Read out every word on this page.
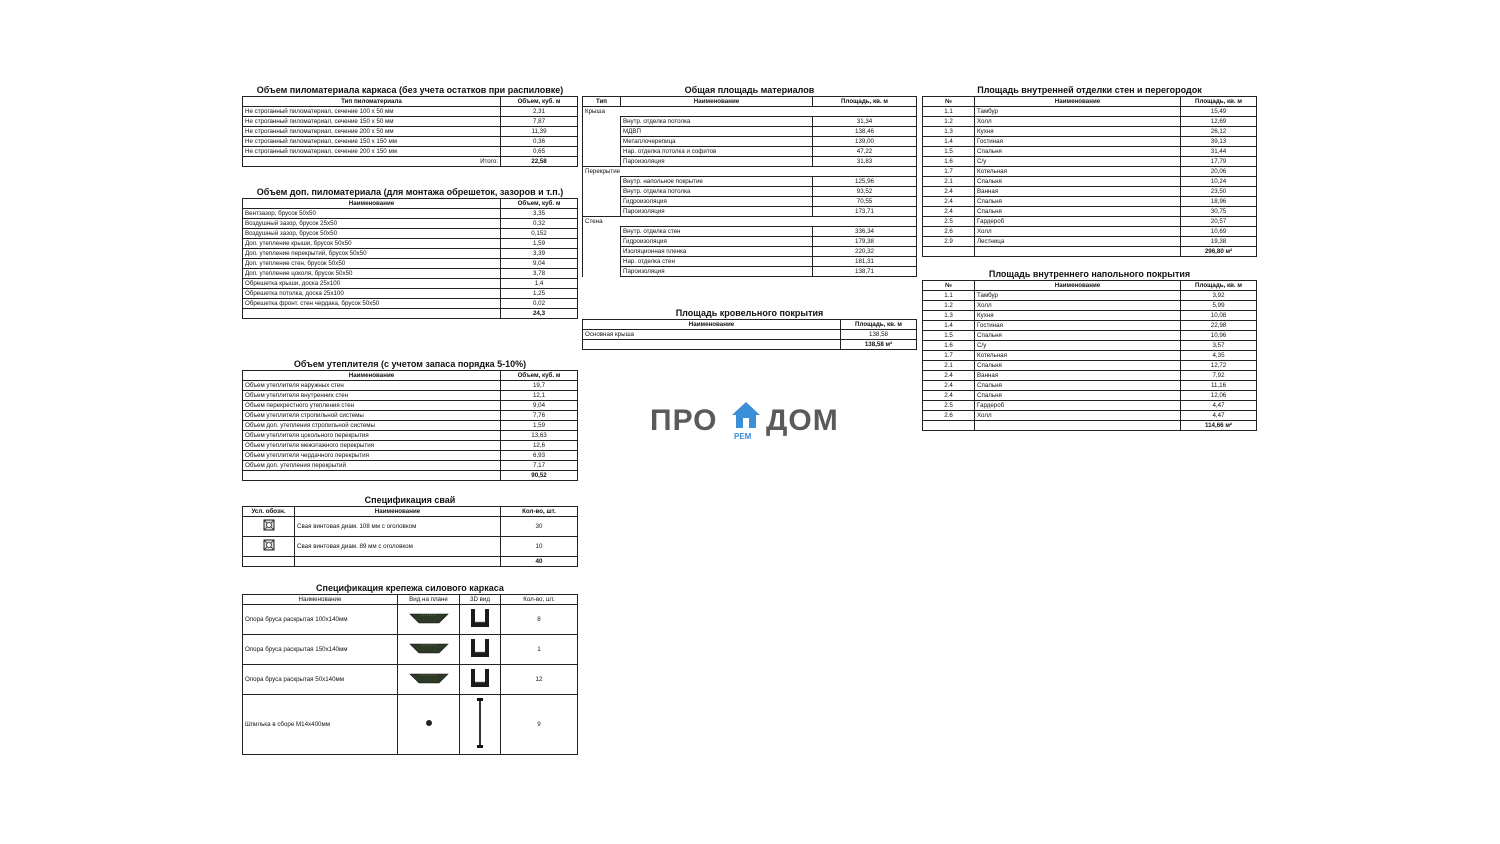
Объем пиломатериала каркаса (без учета остатков при распиловке)
Тип пиломатериала	Объем, куб. м
Не строганный пиломатериал, сечение 100 x 50 мм	2,31
Не строганный пиломатериал, сечение 150 x 50 мм	7,87
Не строганный пиломатериал, сечение 200 x 50 мм	11,39
Не строганный пиломатериал, сечение 150 x 150 мм	0,36
Не строганный пиломатериал, сечение 200 x 150 мм	0,65
Итого:	22,58
Объем доп. пиломатериала (для монтажа обрешеток, зазоров и т.п.)
Наименование	Объем, куб. м
Вентзазор, брусок 50x50	3,35
Воздушный зазор, брусок 25x50	0,32
Воздушный зазор, брусок 50x50	0,152
Доп. утепление крыши, брусок 50x50	1,59
Доп. утепление перекрытий, брусок 50x50	3,39
Доп. утепление стен, брусок 50x50	9,04
Доп. утепление цоколя, брусок 50x50	3,78
Обрешетка крыши, доска 25x100	1,4
Обрешетка потолка, доска 25x100	1,25
Обрешетка фронт. стен чердака, брусок 50x50	0,02
	24,3
Объем утеплителя (с учетом запаса порядка 5-10%)
Наименование	Объем, куб. м
Объем утеплителя наружных стен	19,7
Объем утеплителя внутренних стен	12,1
Объем перекрестного утепления стен	9,04
Объем утеплителя стропильной системы	7,76
Объем доп. утепления стропильной системы	1,59
Объем утеплителя цокольного перекрытия	13,63
Объем утеплителя межэтажного перекрытия	12,6
Объем утеплителя чердачного перекрытия	6,93
Объем доп. утепления перекрытий	7,17
	90,52
Спецификация свай
Усл. обозн.	Наименование	Кол-во, шт.
	Свая винтовая диам. 108 мм с оголовком	30
	Свая винтовая диам. 89 мм с оголовком	10
		40
Спецификация крепежа силового каркаса
Наименование	Вид на плане	3D вид	Кол-во, шт.
Опора бруса раскрытая 100x140мм			8
Опора бруса раскрытая 150x140мм			1
Опора бруса раскрытая 50x140мм			12
Шпилька в сборе М14x400мм			9
Общая площадь материалов
Тип	Наименование	Площадь, кв. м
Крыша		
	Внутр. отделка потолка	31,34
	МДВП	138,46
	Металлочерепица	139,00
	Нар. отделка потолка и софитов	47,22
	Пароизоляция	31,83
Перекрытие		
	Внутр. напольное покрытие	125,96
	Внутр. отделка потолка	93,52
	Гидроизоляция	70,55
	Пароизоляция	173,71
Стена		
	Внутр. отделка стен	336,34
	Гидроизоляция	179,38
	Изоляционная пленка	220,32
	Нар. отделка стен	181,31
	Пароизоляция	138,71
Площадь кровельного покрытия
Наименование	Площадь, кв. м
Основная крыша	138,58
	138,58 м²
ПРО РЕМ ДОМ
Площадь внутренней отделки стен и перегородок
№	Наименование	Площадь, кв. м
1.1	Тамбур	15,49
1.2	Холл	12,69
1.3	Кухня	26,12
1.4	Гостиная	39,13
1.5	Спальня	31,44
1.6	С/у	17,79
1.7	Котельная	20,06
2.1	Спальня	10,24
2.4	Ванная	23,50
2.4	Спальня	18,96
2.4	Спальня	30,75
2.5	Гардероб	20,57
2.6	Холл	10,69
2.9	Лестница	19,38
		296,80 м²
Площадь внутреннего напольного покрытия
№	Наименование	Площадь, кв. м
1.1	Тамбур	3,92
1.2	Холл	5,99
1.3	Кухня	10,08
1.4	Гостиная	22,98
1.5	Спальня	10,96
1.6	С/у	3,57
1.7	Котельная	4,35
2.1	Спальня	12,72
2.4	Ванная	7,92
2.4	Спальня	11,16
2.4	Спальня	12,06
2.5	Гардероб	4,47
2.6	Холл	4,47
		114,66 м²
